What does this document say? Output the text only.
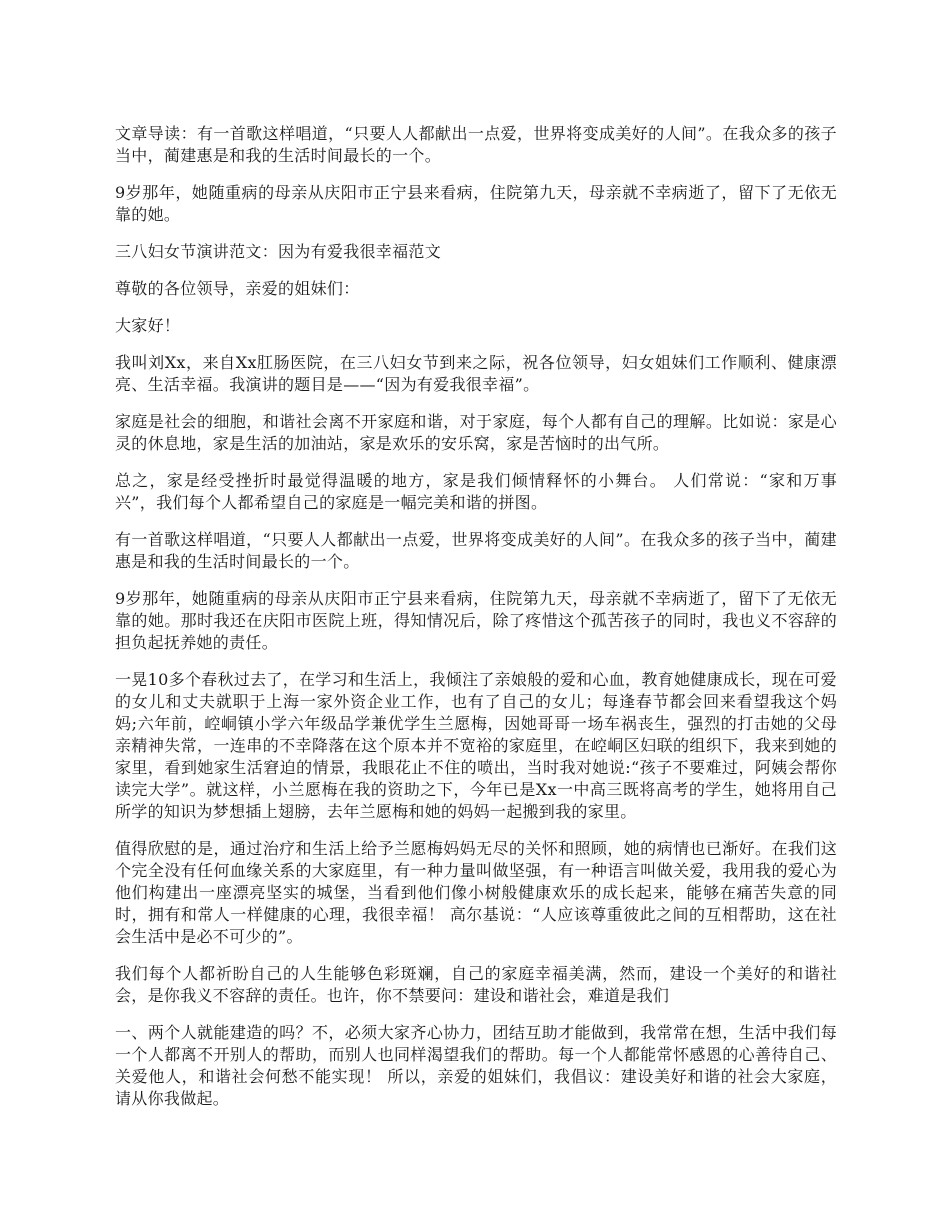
文章导读：有一首歌这样唱道，“只要人人都献出一点爱，世界将变成美好的人间”。在我众多的孩子当中，蔺建惠是和我的生活时间最长的一个。

9岁那年，她随重病的母亲从庆阳市正宁县来看病，住院第九天，母亲就不幸病逝了，留下了无依无靠的她。

三八妇女节演讲范文：因为有爱我很幸福范文

尊敬的各位领导，亲爱的姐妹们：

大家好！

我叫刘Xx，来自Xx肛肠医院，在三八妇女节到来之际，祝各位领导，妇女姐妹们工作顺利、健康漂亮、生活幸福。我演讲的题目是——“因为有爱我很幸福”。

家庭是社会的细胞，和谐社会离不开家庭和谐，对于家庭，每个人都有自己的理解。比如说：家是心灵的休息地，家是生活的加油站，家是欢乐的安乐窝，家是苦恼时的出气所。

总之，家是经受挫折时最觉得温暖的地方，家是我们倾情释怀的小舞台。 人们常说：“家和万事兴”，我们每个人都希望自己的家庭是一幅完美和谐的拼图。

有一首歌这样唱道，“只要人人都献出一点爱，世界将变成美好的人间”。在我众多的孩子当中，蔺建惠是和我的生活时间最长的一个。

9岁那年，她随重病的母亲从庆阳市正宁县来看病，住院第九天，母亲就不幸病逝了，留下了无依无靠的她。那时我还在庆阳市医院上班，得知情况后，除了疼惜这个孤苦孩子的同时，我也义不容辞的担负起抚养她的责任。

一晃10多个春秋过去了，在学习和生活上，我倾注了亲娘般的爱和心血，教育她健康成长，现在可爱的女儿和丈夫就职于上海一家外资企业工作，也有了自己的女儿；每逢春节都会回来看望我这个妈妈;六年前，崆峒镇小学六年级品学兼优学生兰愿梅，因她哥哥一场车祸丧生，强烈的打击她的父母亲精神失常，一连串的不幸降落在这个原本并不宽裕的家庭里，在崆峒区妇联的组织下，我来到她的家里，看到她家生活窘迫的情景，我眼花止不住的喷出，当时我对她说:“孩子不要难过，阿姨会帮你读完大学”。就这样，小兰愿梅在我的资助之下，今年已是Xx一中高三既将高考的学生，她将用自己所学的知识为梦想插上翅膀，去年兰愿梅和她的妈妈一起搬到我的家里。

值得欣慰的是，通过治疗和生活上给予兰愿梅妈妈无尽的关怀和照顾，她的病情也已渐好。在我们这个完全没有任何血缘关系的大家庭里，有一种力量叫做坚强，有一种语言叫做关爱，我用我的爱心为他们构建出一座漂亮坚实的城堡，当看到他们像小树般健康欢乐的成长起来，能够在痛苦失意的同时，拥有和常人一样健康的心理，我很幸福！ 高尔基说：“人应该尊重彼此之间的互相帮助，这在社会生活中是必不可少的”。

我们每个人都祈盼自己的人生能够色彩斑斓，自己的家庭幸福美满，然而，建设一个美好的和谐社会，是你我义不容辞的责任。也许，你不禁要问：建设和谐社会，难道是我们

一、两个人就能建造的吗？不，必须大家齐心协力，团结互助才能做到，我常常在想，生活中我们每一个人都离不开别人的帮助，而别人也同样渴望我们的帮助。每一个人都能常怀感恩的心善待自己、关爱他人，和谐社会何愁不能实现！ 所以，亲爱的姐妹们，我倡议：建设美好和谐的社会大家庭，请从你我做起。
